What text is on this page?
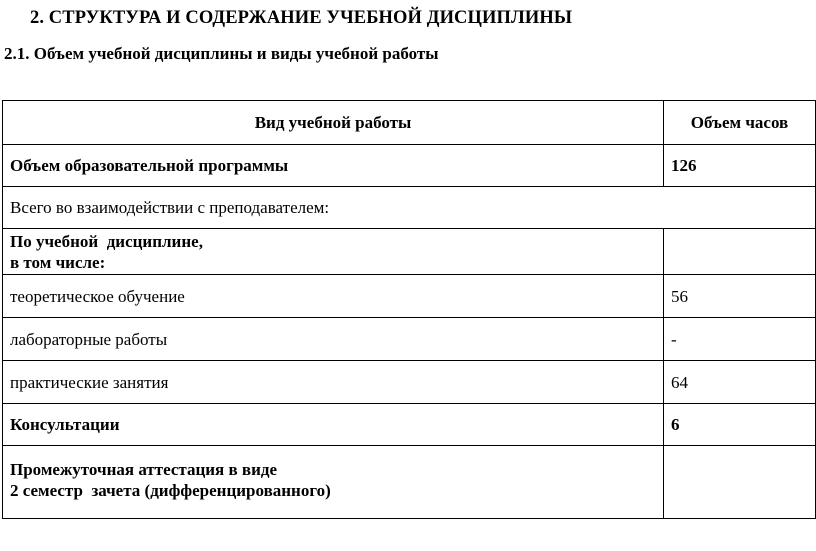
2. СТРУКТУРА И СОДЕРЖАНИЕ УЧЕБНОЙ ДИСЦИПЛИНЫ
2.1. Объем учебной дисциплины и виды учебной работы
Вид учебной работы	Объем часов
Объем образовательной программы	126
Всего во взаимодействии с преподавателем:	

По учебной  дисциплине,
в том числе:	

теоретическое обучение	56
лабораторные работы	-
практические занятия	64
Консультации	6

Промежуточная аттестация в виде
2 семестр  зачета (дифференцированного)	
